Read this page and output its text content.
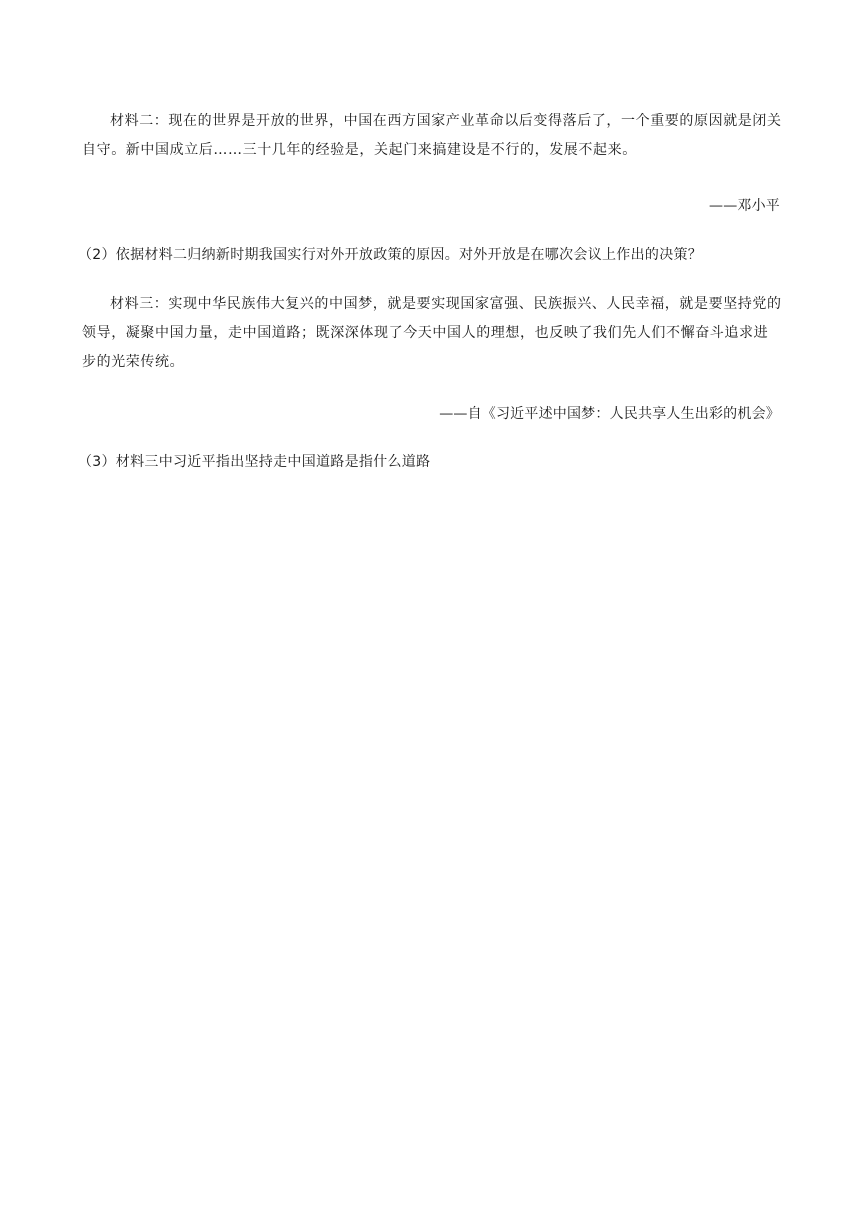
材料二：现在的世界是开放的世界，中国在西方国家产业革命以后变得落后了，一个重要的原因就是闭关自守。新中国成立后……三十几年的经验是，关起门来搞建设是不行的，发展不起来。

——邓小平

（2）依据材料二归纳新时期我国实行对外开放政策的原因。对外开放是在哪次会议上作出的决策？

材料三：实现中华民族伟大复兴的中国梦，就是要实现国家富强、民族振兴、人民幸福，就是要坚持党的领导，凝聚中国力量，走中国道路；既深深体现了今天中国人的理想，也反映了我们先人们不懈奋斗追求进步的光荣传统。

——自《习近平述中国梦：人民共享人生出彩的机会》

（3）材料三中习近平指出坚持走中国道路是指什么道路
